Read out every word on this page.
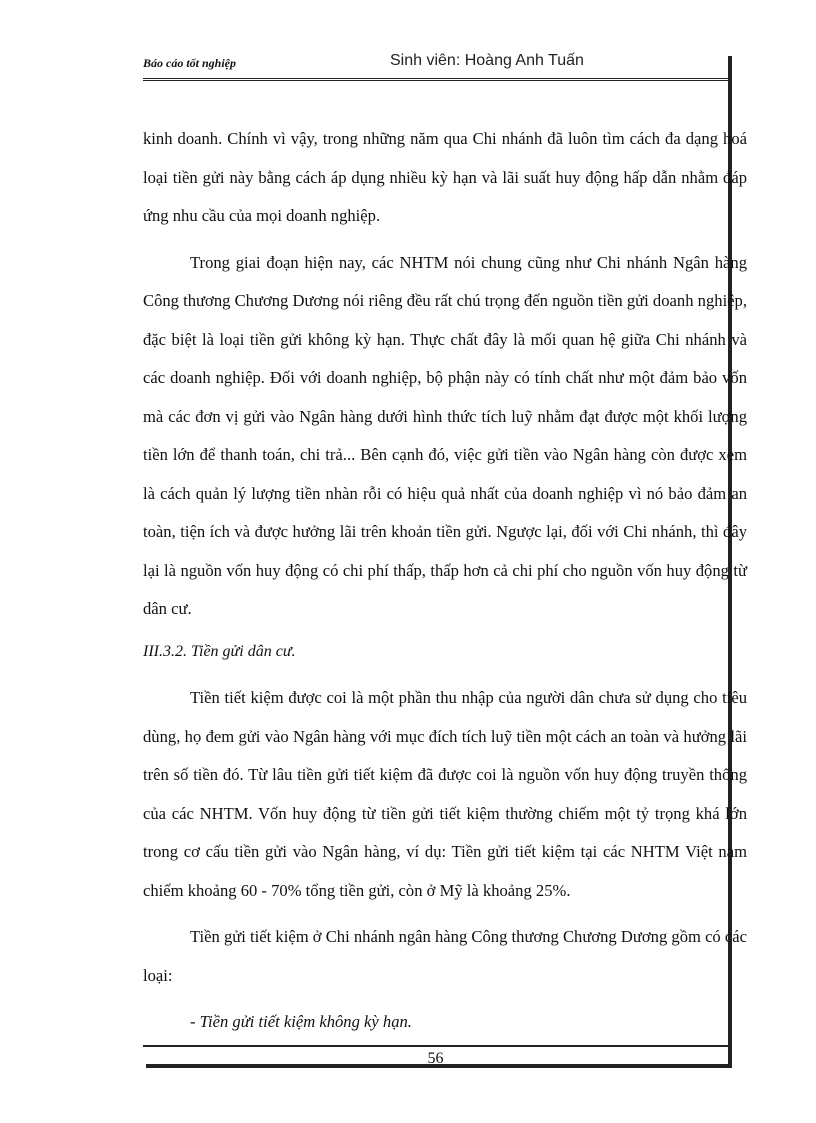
Báo cáo tốt nghiệp	Sinh viên: Hoàng Anh Tuấn

kinh doanh. Chính vì vậy, trong những năm qua Chi nhánh đã luôn tìm cách đa dạng hoá loại tiền gửi này bằng cách áp dụng nhiều kỳ hạn và lãi suất huy động hấp dẫn nhằm đáp ứng nhu cầu của mọi doanh nghiệp.

Trong giai đoạn hiện nay, các NHTM nói chung cũng như Chi nhánh Ngân hàng Công thương Chương Dương nói riêng đều rất chú trọng đến nguồn tiền gửi doanh nghiệp, đặc biệt là loại tiền gửi không kỳ hạn. Thực chất đây là mối quan hệ giữa Chi nhánh và các doanh nghiệp. Đối với doanh nghiệp, bộ phận này có tính chất như một đảm bảo vốn mà các đơn vị gửi vào Ngân hàng dưới hình thức tích luỹ nhằm đạt được một khối lượng tiền lớn để thanh toán, chi trả... Bên cạnh đó, việc gửi tiền vào Ngân hàng còn được xem là cách quản lý lượng tiền nhàn rỗi có hiệu quả nhất của doanh nghiệp vì nó bảo đảm an toàn, tiện ích và được hưởng lãi trên khoản tiền gửi. Ngược lại, đối với Chi nhánh, thì đây lại là nguồn vốn huy động có chi phí thấp, thấp hơn cả chi phí cho nguồn vốn huy động từ dân cư.

III.3.2. Tiền gửi dân cư.

Tiền tiết kiệm được coi là một phần thu nhập của người dân chưa sử dụng cho tiêu dùng, họ đem gửi vào Ngân hàng với mục đích tích luỹ tiền một cách an toàn và hưởng lãi trên số tiền đó. Từ lâu tiền gửi tiết kiệm đã được coi là nguồn vốn huy động truyền thống của các NHTM. Vốn huy động từ tiền gửi tiết kiệm thường chiếm một tỷ trọng khá lớn trong cơ cấu tiền gửi vào Ngân hàng, ví dụ: Tiền gửi tiết kiệm tại các NHTM Việt nam chiếm khoảng 60 - 70% tổng tiền gửi, còn ở Mỹ là khoảng 25%.

Tiền gửi tiết kiệm ở Chi nhánh ngân hàng Công thương Chương Dương gồm có các loại:

- Tiền gửi tiết kiệm không kỳ hạn.

56
